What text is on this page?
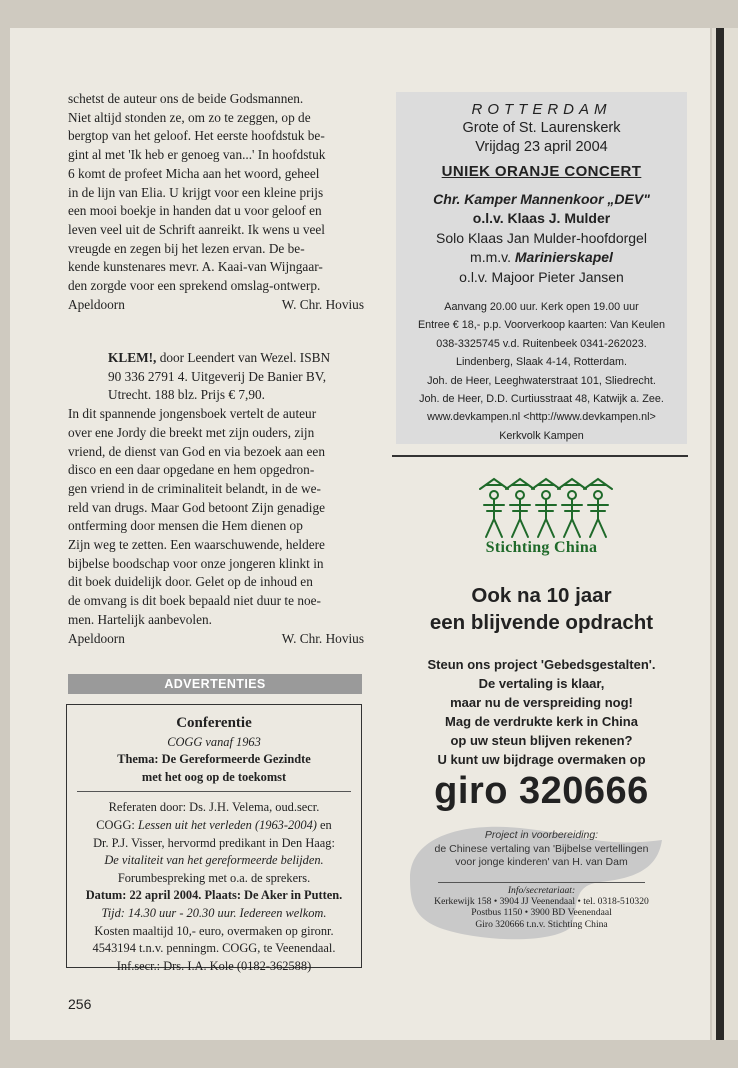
schetst de auteur ons de beide Godsmannen.
Niet altijd stonden ze, om zo te zeggen, op de
bergtop van het geloof. Het eerste hoofdstuk be-
gint al met 'Ik heb er genoeg van...' In hoofdstuk
6 komt de profeet Micha aan het woord, geheel
in de lijn van Elia. U krijgt voor een kleine prijs
een mooi boekje in handen dat u voor geloof en
leven veel uit de Schrift aanreikt. Ik wens u veel
vreugde en zegen bij het lezen ervan. De be-
kende kunstenares mevr. A. Kaai-van Wijngaar-
den zorgde voor een sprekend omslag-ontwerp.
Apeldoorn	W. Chr. Hovius
KLEM!, door Leendert van Wezel. ISBN
90 336 2791 4. Uitgeverij De Banier BV,
Utrecht. 188 blz. Prijs € 7,90.
In dit spannende jongensboek vertelt de auteur
over ene Jordy die breekt met zijn ouders, zijn
vriend, de dienst van God en via bezoek aan een
disco en een daar opgedane en hem opgedron-
gen vriend in de criminaliteit belandt, in de we-
reld van drugs. Maar God betoont Zijn genadige
ontferming door mensen die Hem dienen op
Zijn weg te zetten. Een waarschuwende, heldere
bijbelse boodschap voor onze jongeren klinkt in
dit boek duidelijk door. Gelet op de inhoud en
de omvang is dit boek bepaald niet duur te noe-
men. Hartelijk aanbevolen.
Apeldoorn	W. Chr. Hovius
ADVERTENTIES
Conferentie
COGG vanaf 1963
Thema: De Gereformeerde Gezindte
met het oog op de toekomst
Referaten door: Ds. J.H. Velema, oud.secr.
COGG: Lessen uit het verleden (1963-2004) en
Dr. P.J. Visser, hervormd predikant in Den Haag:
De vitaliteit van het gereformeerde belijden.
Forumbespreking met o.a. de sprekers.
Datum: 22 april 2004. Plaats: De Aker in Putten.
Tijd: 14.30 uur - 20.30 uur. Iedereen welkom.
Kosten maaltijd 10,- euro, overmaken op gironr.
4543194 t.n.v. penningm. COGG, te Veenendaal.
Inf.secr.: Drs. I.A. Kole (0182-362588)
256
ROTTERDAM
Grote of St. Laurenskerk
Vrijdag 23 april 2004
UNIEK ORANJE CONCERT
Chr. Kamper Mannenkoor „DEV"
o.l.v. Klaas J. Mulder
Solo Klaas Jan Mulder-hoofdorgel
m.m.v. Marinierskapel
o.l.v. Majoor Pieter Jansen
Aanvang 20.00 uur. Kerk open 19.00 uur
Entree € 18,- p.p. Voorverkoop kaarten: Van Keulen
038-3325745 v.d. Ruitenbeek 0341-262023.
Lindenberg, Slaak 4-14, Rotterdam.
Joh. de Heer, Leeghwaterstraat 101, Sliedrecht.
Joh. de Heer, D.D. Curtiusstraat 48, Katwijk a. Zee.
www.devkampen.nl <http://www.devkampen.nl>
Kerkvolk Kampen
Stichting China
Ook na 10 jaar
een blijvende opdracht
Steun ons project 'Gebedsgestalten'.
De vertaling is klaar,
maar nu de verspreiding nog!
Mag de verdrukte kerk in China
op uw steun blijven rekenen?
U kunt uw bijdrage overmaken op
giro 320666
Project in voorbereiding:
de Chinese vertaling van 'Bijbelse vertellingen
voor jonge kinderen' van H. van Dam
Info/secretariaat:
Kerkewijk 158 • 3904 JJ Veenendaal • tel. 0318-510320
Postbus 1150 • 3900 BD Veenendaal
Giro 320666 t.n.v. Stichting China
